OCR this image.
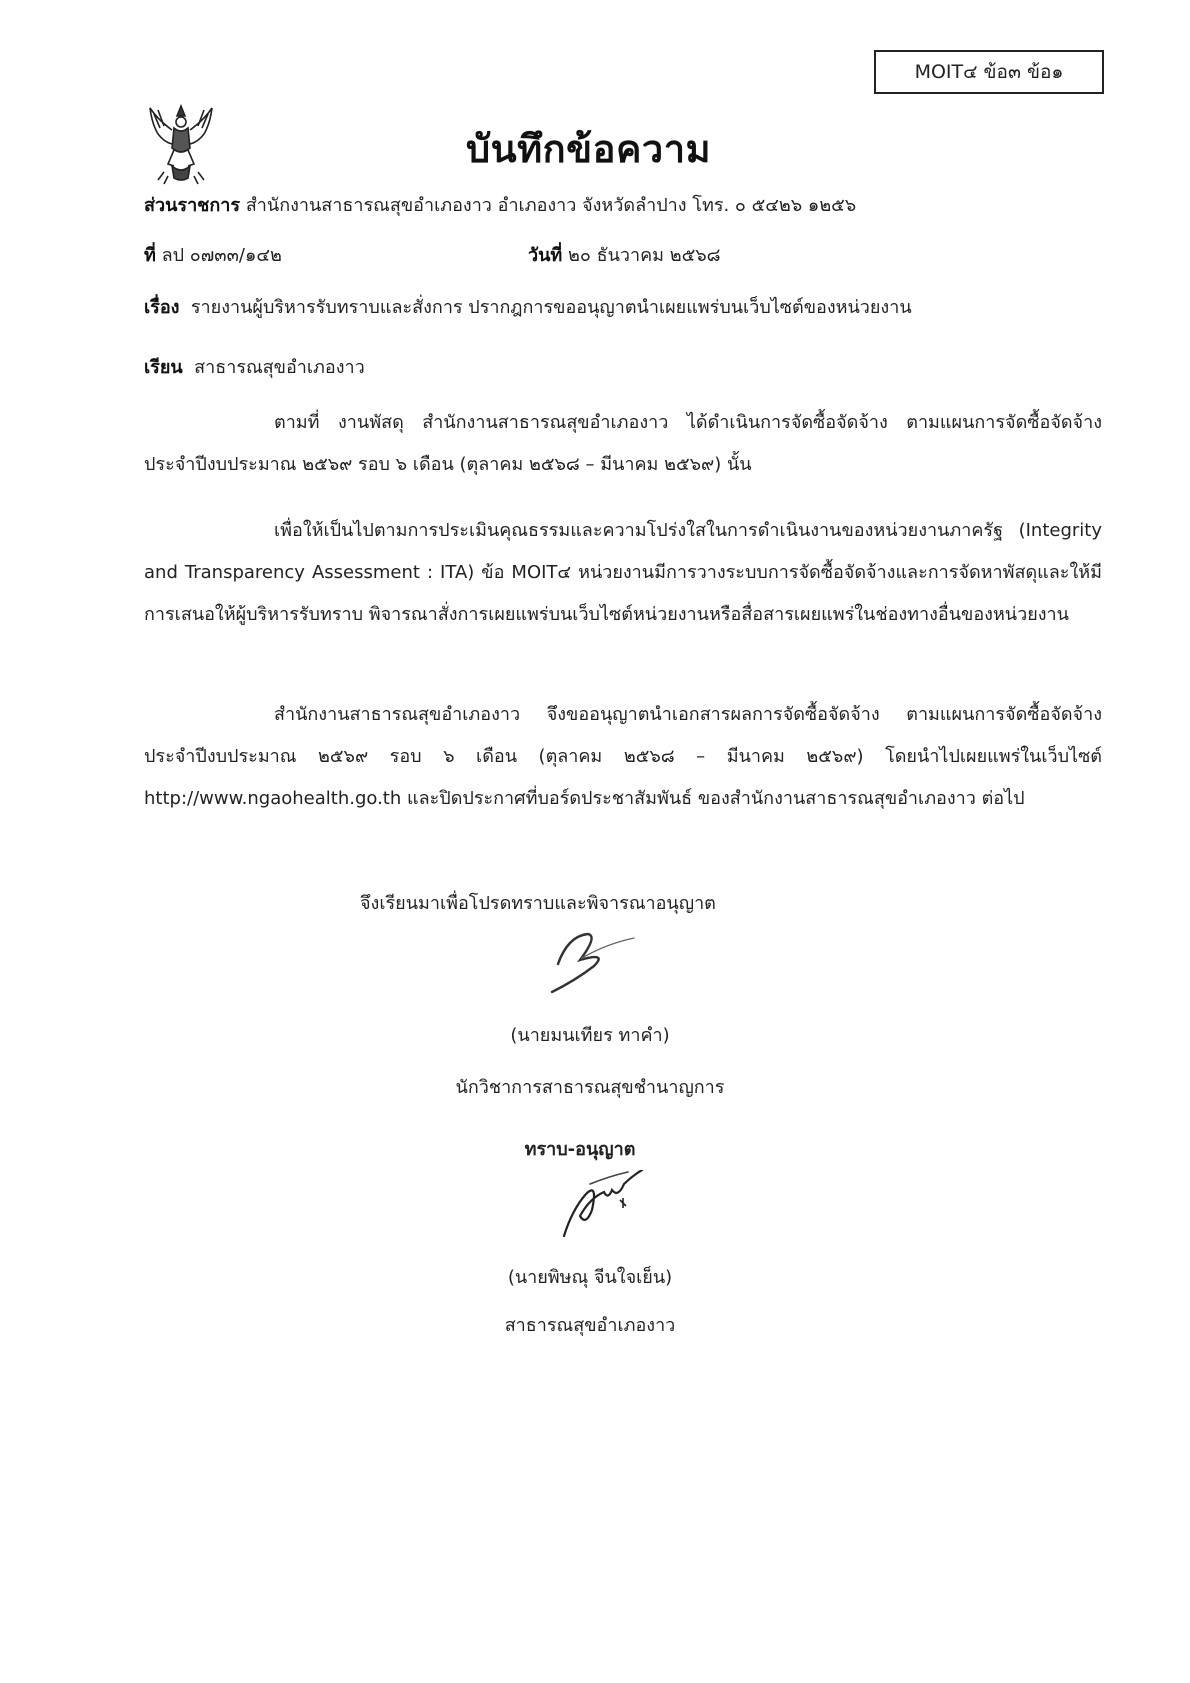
MOIT๔ ข้อ๓ ข้อ๑
บันทึกข้อความ
ส่วนราชการ สำนักงานสาธารณสุขอำเภองาว อำเภองาว จังหวัดลำปาง โทร. ๐ ๕๔๒๖ ๑๒๕๖
ที่ ลป ๐๗๓๓/๑๔๒	วันที่ ๒๐ ธันวาคม ๒๕๖๘
เรื่อง รายงานผู้บริหารรับทราบและสั่งการ ปรากฎการขออนุญาตนำเผยแพร่บนเว็บไซต์ของหน่วยงาน
เรียน สาธารณสุขอำเภองาว
ตามที่ งานพัสดุ สำนักงานสาธารณสุขอำเภองาว ได้ดำเนินการจัดซื้อจัดจ้าง ตามแผนการจัดซื้อจัดจ้าง ประจำปีงบประมาณ ๒๕๖๙ รอบ ๖ เดือน (ตุลาคม ๒๕๖๘ – มีนาคม ๒๕๖๙) นั้น
เพื่อให้เป็นไปตามการประเมินคุณธรรมและความโปร่งใสในการดำเนินงานของหน่วยงานภาครัฐ (Integrity and Transparency Assessment : ITA) ข้อ MOIT๔ หน่วยงานมีการวางระบบการจัดซื้อจัดจ้างและการจัดหาพัสดุและให้มีการเสนอให้ผู้บริหารรับทราบ พิจารณาสั่งการเผยแพร่บนเว็บไซต์หน่วยงานหรือสื่อสารเผยแพร่ในช่องทางอื่นของหน่วยงาน
สำนักงานสาธารณสุขอำเภองาว จึงขออนุญาตนำเอกสารผลการจัดซื้อจัดจ้าง ตามแผนการจัดซื้อจัดจ้าง ประจำปีงบประมาณ ๒๕๖๙ รอบ ๖ เดือน (ตุลาคม ๒๕๖๘ – มีนาคม ๒๕๖๙) โดยนำไปเผยแพร่ในเว็บไซต์ http://www.ngaohealth.go.th และปิดประกาศที่บอร์ดประชาสัมพันธ์ ของสำนักงานสาธารณสุขอำเภองาว ต่อไป
จึงเรียนมาเพื่อโปรดทราบและพิจารณาอนุญาต
(นายมนเทียร ทาคำ)
นักวิชาการสาธารณสุขชำนาญการ
ทราบ-อนุญาต
(นายพิษณุ จีนใจเย็น)
สาธารณสุขอำเภองาว
